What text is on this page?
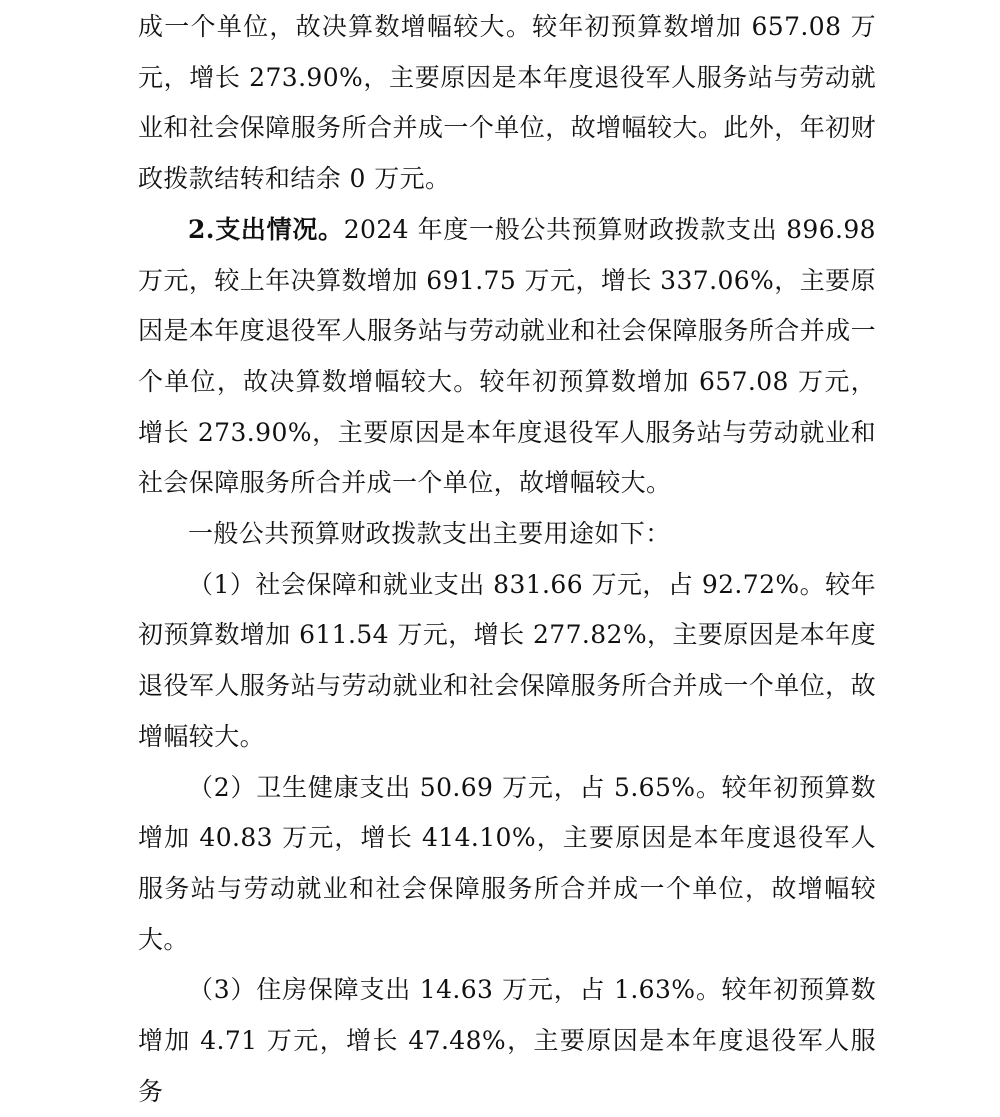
成一个单位，故决算数增幅较大。较年初预算数增加 657.08 万元，增长 273.90%，主要原因是本年度退役军人服务站与劳动就业和社会保障服务所合并成一个单位，故增幅较大。此外，年初财政拨款结转和结余 0 万元。

2.支出情况。2024 年度一般公共预算财政拨款支出 896.98 万元，较上年决算数增加 691.75 万元，增长 337.06%，主要原因是本年度退役军人服务站与劳动就业和社会保障服务所合并成一个单位，故决算数增幅较大。较年初预算数增加 657.08 万元，增长 273.90%，主要原因是本年度退役军人服务站与劳动就业和社会保障服务所合并成一个单位，故增幅较大。

一般公共预算财政拨款支出主要用途如下：

（1）社会保障和就业支出 831.66 万元，占 92.72%。较年初预算数增加 611.54 万元，增长 277.82%，主要原因是本年度退役军人服务站与劳动就业和社会保障服务所合并成一个单位，故增幅较大。

（2）卫生健康支出 50.69 万元，占 5.65%。较年初预算数增加 40.83 万元，增长 414.10%，主要原因是本年度退役军人服务站与劳动就业和社会保障服务所合并成一个单位，故增幅较大。

（3）住房保障支出 14.63 万元，占 1.63%。较年初预算数增加 4.71 万元，增长 47.48%，主要原因是本年度退役军人服务
